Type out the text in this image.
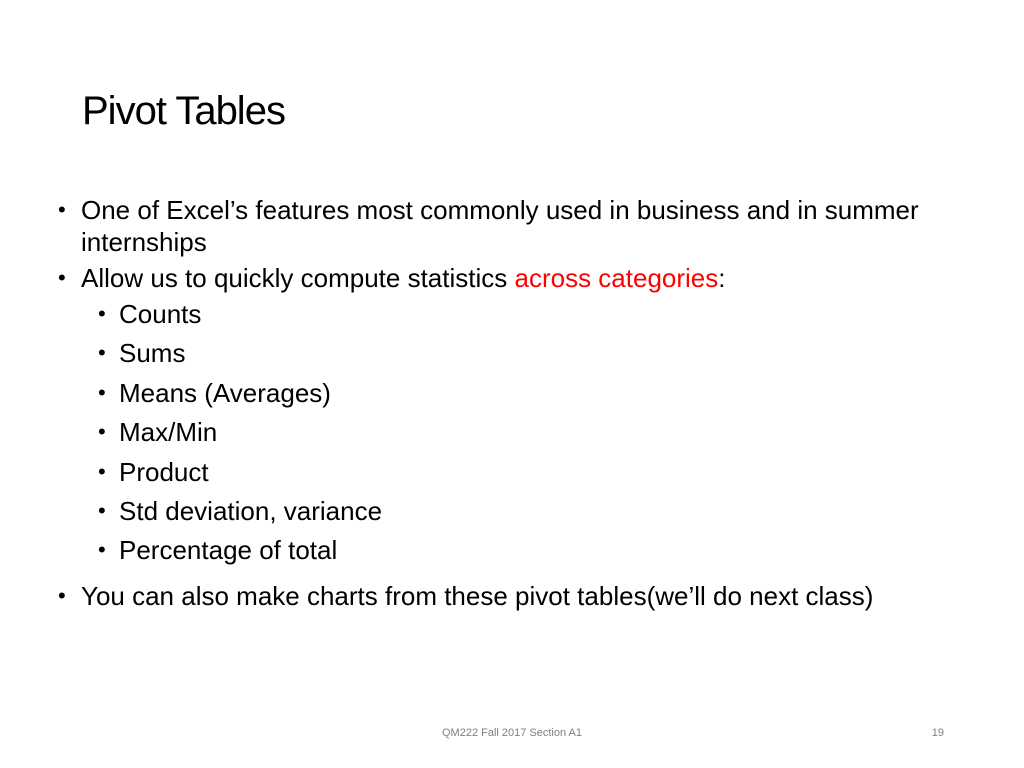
Pivot Tables
• One of Excel’s features most commonly used in business and in summer internships
• Allow us to quickly compute statistics across categories:
• Counts
• Sums
• Means (Averages)
• Max/Min
• Product
• Std deviation, variance
• Percentage of total
• You can also make charts from these pivot tables(we’ll do next class)
QM222 Fall 2017 Section A1	19
